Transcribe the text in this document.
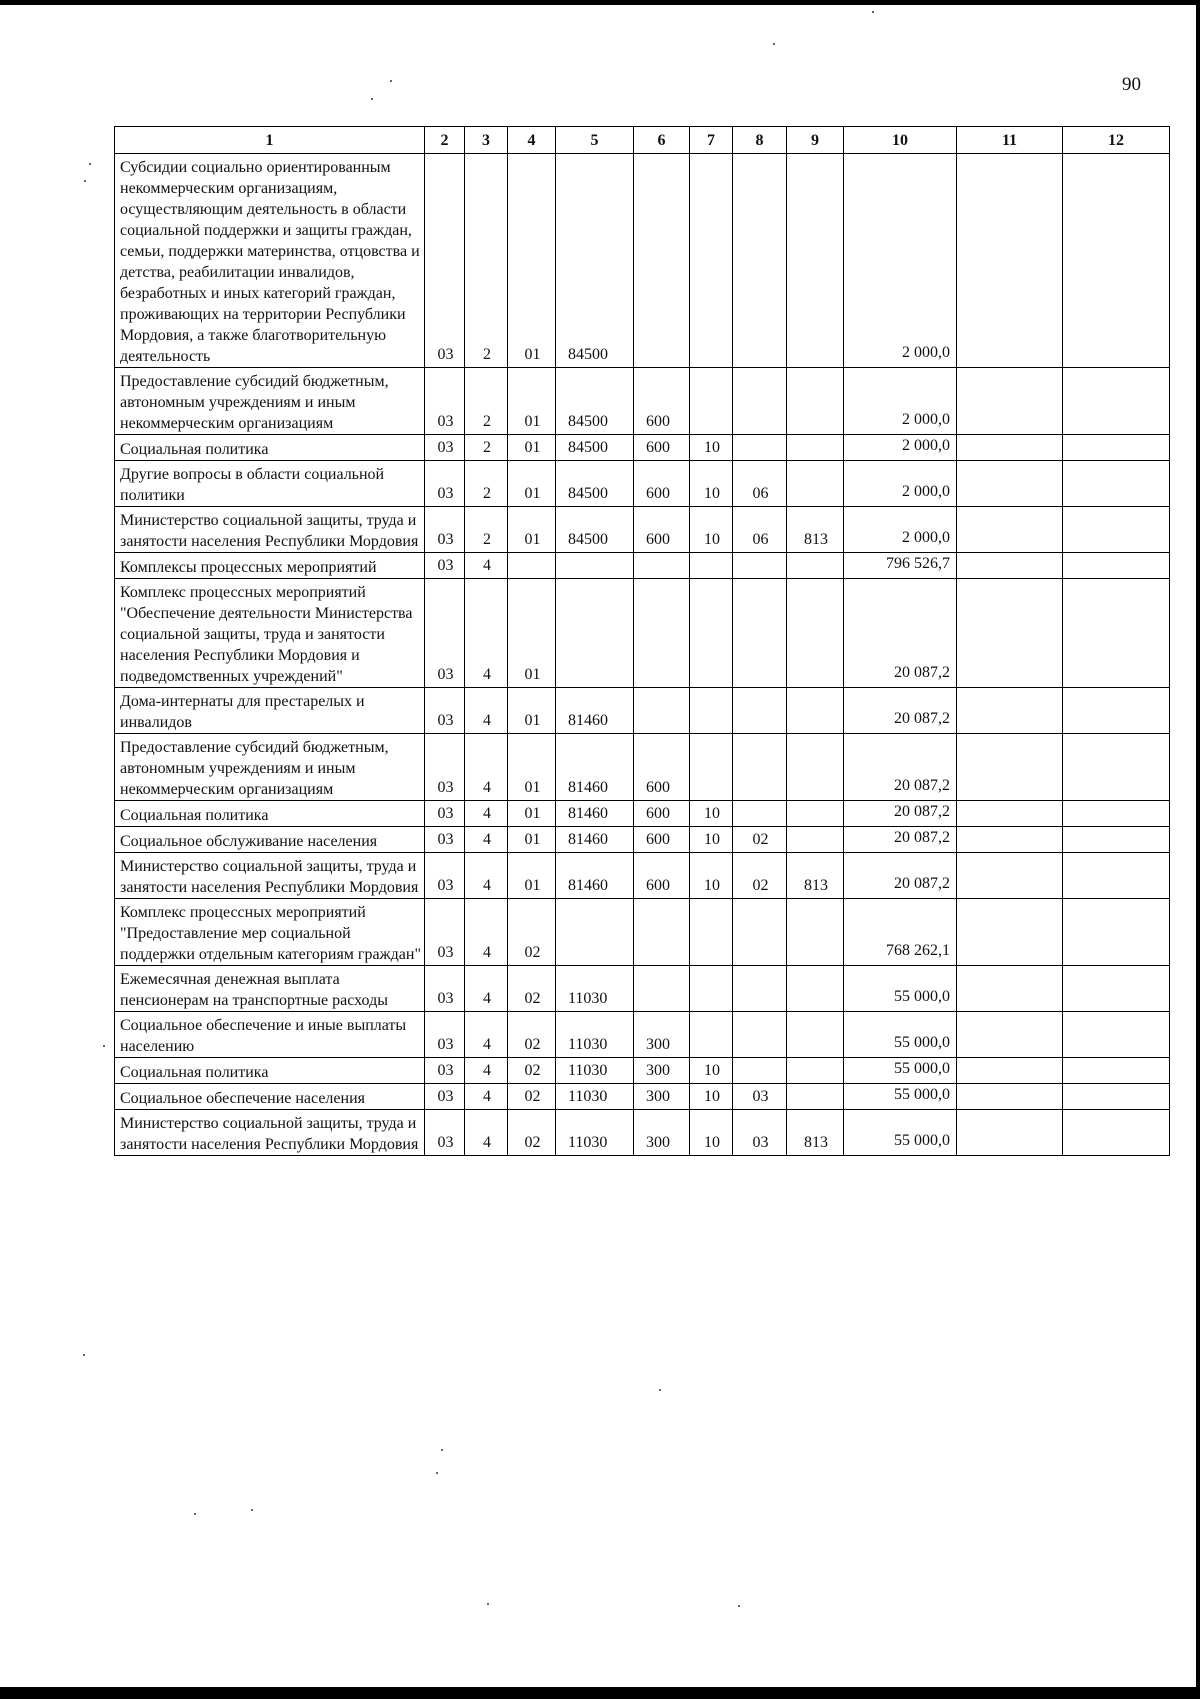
90
1	2	3	4	5	6	7	8	9	10	11	12
Субсидии социально ориентированным некоммерческим организациям, осуществляющим деятельность в области социальной поддержки и защиты граждан, семьи, поддержки материнства, отцовства и детства, реабилитации инвалидов, безработных и иных категорий граждан, проживающих на территории Республики Мордовия, а также благотворительную деятельность	03	2	01	84500					2 000,0		
Предоставление субсидий бюджетным, автономным учреждениям и иным некоммерческим организациям	03	2	01	84500	600				2 000,0		
Социальная политика	03	2	01	84500	600	10			2 000,0		
Другие вопросы в области социальной политики	03	2	01	84500	600	10	06		2 000,0		
Министерство социальной защиты, труда и занятости населения Республики Мордовия	03	2	01	84500	600	10	06	813	2 000,0		
Комплексы процессных мероприятий	03	4							796 526,7		
Комплекс процессных мероприятий "Обеспечение деятельности Министерства социальной защиты, труда и занятости населения Республики Мордовия и подведомственных учреждений"	03	4	01						20 087,2		
Дома-интернаты для престарелых и инвалидов	03	4	01	81460					20 087,2		
Предоставление субсидий бюджетным, автономным учреждениям и иным некоммерческим организациям	03	4	01	81460	600				20 087,2		
Социальная политика	03	4	01	81460	600	10			20 087,2		
Социальное обслуживание населения	03	4	01	81460	600	10	02		20 087,2		
Министерство социальной защиты, труда и занятости населения Республики Мордовия	03	4	01	81460	600	10	02	813	20 087,2		
Комплекс процессных мероприятий "Предоставление мер социальной поддержки отдельным категориям граждан"	03	4	02						768 262,1		
Ежемесячная денежная выплата пенсионерам на транспортные расходы	03	4	02	11030					55 000,0		
Социальное обеспечение и иные выплаты населению	03	4	02	11030	300				55 000,0		
Социальная политика	03	4	02	11030	300	10			55 000,0		
Социальное обеспечение населения	03	4	02	11030	300	10	03		55 000,0		
Министерство социальной защиты, труда и занятости населения Республики Мордовия	03	4	02	11030	300	10	03	813	55 000,0		
